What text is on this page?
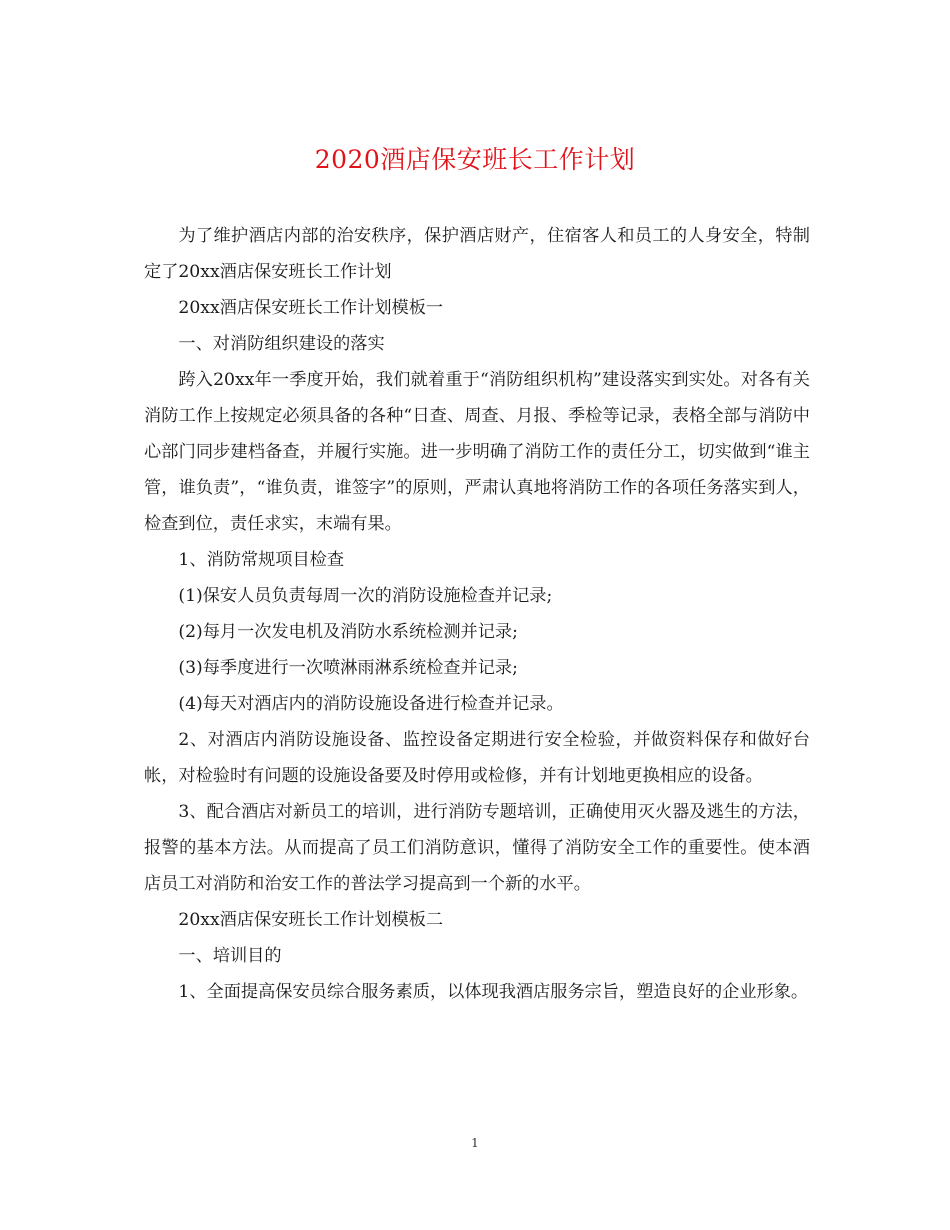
2020酒店保安班长工作计划

为了维护酒店内部的治安秩序，保护酒店财产，住宿客人和员工的人身安全，特制定了20xx酒店保安班长工作计划

20xx酒店保安班长工作计划模板一

一、对消防组织建设的落实

跨入20xx年一季度开始，我们就着重于“消防组织机构”建设落实到实处。对各有关消防工作上按规定必须具备的各种“日查、周查、月报、季检等记录，表格全部与消防中心部门同步建档备查，并履行实施。进一步明确了消防工作的责任分工，切实做到“谁主管，谁负责”，“谁负责，谁签字”的原则，严肃认真地将消防工作的各项任务落实到人，检查到位，责任求实，末端有果。

1、消防常规项目检查

(1)保安人员负责每周一次的消防设施检查并记录;

(2)每月一次发电机及消防水系统检测并记录;

(3)每季度进行一次喷淋雨淋系统检查并记录;

(4)每天对酒店内的消防设施设备进行检查并记录。

2、对酒店内消防设施设备、监控设备定期进行安全检验，并做资料保存和做好台帐，对检验时有问题的设施设备要及时停用或检修，并有计划地更换相应的设备。

3、配合酒店对新员工的培训，进行消防专题培训，正确使用灭火器及逃生的方法，报警的基本方法。从而提高了员工们消防意识，懂得了消防安全工作的重要性。使本酒店员工对消防和治安工作的普法学习提高到一个新的水平。

20xx酒店保安班长工作计划模板二

一、培训目的

1、全面提高保安员综合服务素质，以体现我酒店服务宗旨，塑造良好的企业形象。

1
